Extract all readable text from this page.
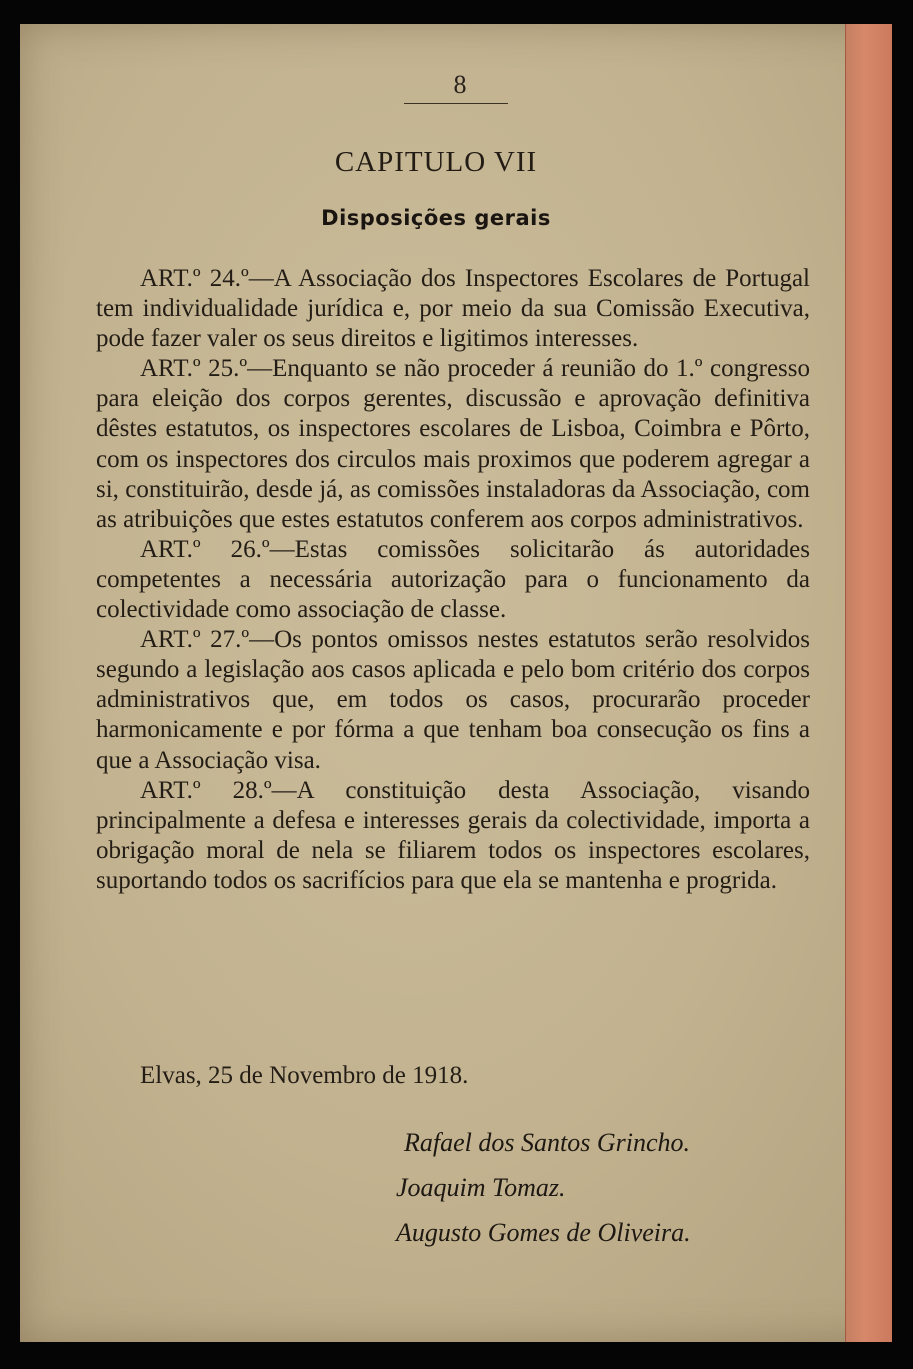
8
CAPITULO VII
Disposições gerais

ART.º 24.º—A Associação dos Inspectores Escolares de Portugal tem individualidade jurídica e, por meio da sua Comissão Executiva, pode fazer valer os seus direitos e ligitimos interesses.

ART.º 25.º—Enquanto se não proceder á reunião do 1.º congresso para eleição dos corpos gerentes, discussão e aprovação definitiva dêstes estatutos, os inspectores escolares de Lisboa, Coimbra e Pôrto, com os inspectores dos circulos mais proximos que poderem agregar a si, constituirão, desde já, as comissões instaladoras da Associação, com as atribuições que estes estatutos conferem aos corpos administrativos.

ART.º 26.º—Estas comissões solicitarão ás autoridades competentes a necessária autorização para o funcionamento da colectividade como associação de classe.

ART.º 27.º—Os pontos omissos nestes estatutos serão resolvidos segundo a legislação aos casos aplicada e pelo bom critério dos corpos administrativos que, em todos os casos, procurarão proceder harmonicamente e por fórma a que tenham boa consecução os fins a que a Associação visa.

ART.º 28.º—A constituição desta Associação, visando principalmente a defesa e interesses gerais da colectividade, importa a obrigação moral de nela se filiarem todos os inspectores escolares, suportando todos os sacrifícios para que ela se mantenha e progrida.

Elvas, 25 de Novembro de 1918.
Rafael dos Santos Grincho.
Joaquim Tomaz.
Augusto Gomes de Oliveira.
